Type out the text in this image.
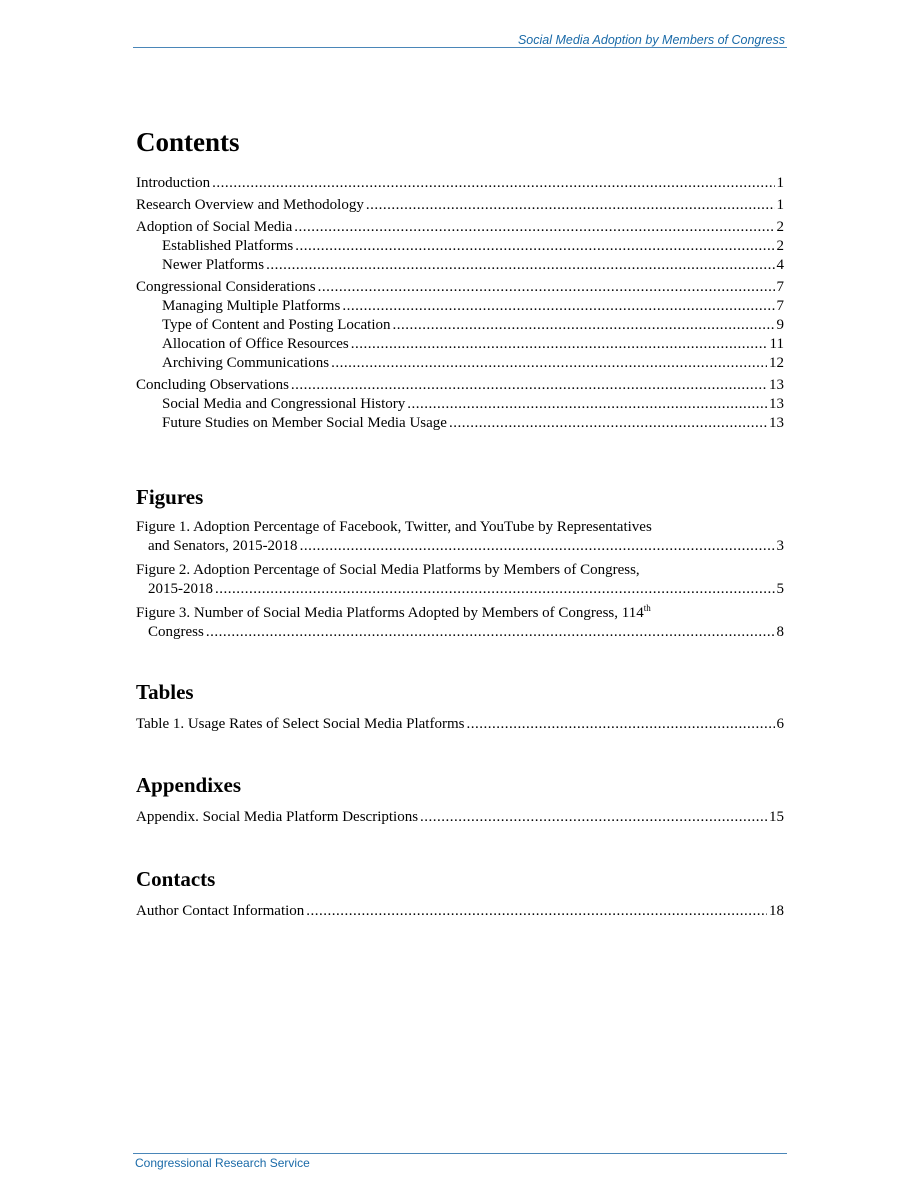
Social Media Adoption by Members of Congress
Contents
Introduction .....	1
Research Overview and Methodology .....	1
Adoption of Social Media .....	2
Established Platforms .....	2
Newer Platforms .....	4
Congressional Considerations .....	7
Managing Multiple Platforms .....	7
Type of Content and Posting Location .....	9
Allocation of Office Resources .....	11
Archiving Communications .....	12
Concluding Observations .....	13
Social Media and Congressional History .....	13
Future Studies on Member Social Media Usage .....	13
Figures
Figure 1. Adoption Percentage of Facebook, Twitter, and YouTube by Representatives
and Senators, 2015-2018 .....	3
Figure 2. Adoption Percentage of Social Media Platforms by Members of Congress,
2015-2018 .....	5
Figure 3. Number of Social Media Platforms Adopted by Members of Congress, 114th
Congress .....	8
Tables
Table 1. Usage Rates of Select Social Media Platforms .....	6
Appendixes
Appendix. Social Media Platform Descriptions .....	15
Contacts
Author Contact Information .....	18
Congressional Research Service
